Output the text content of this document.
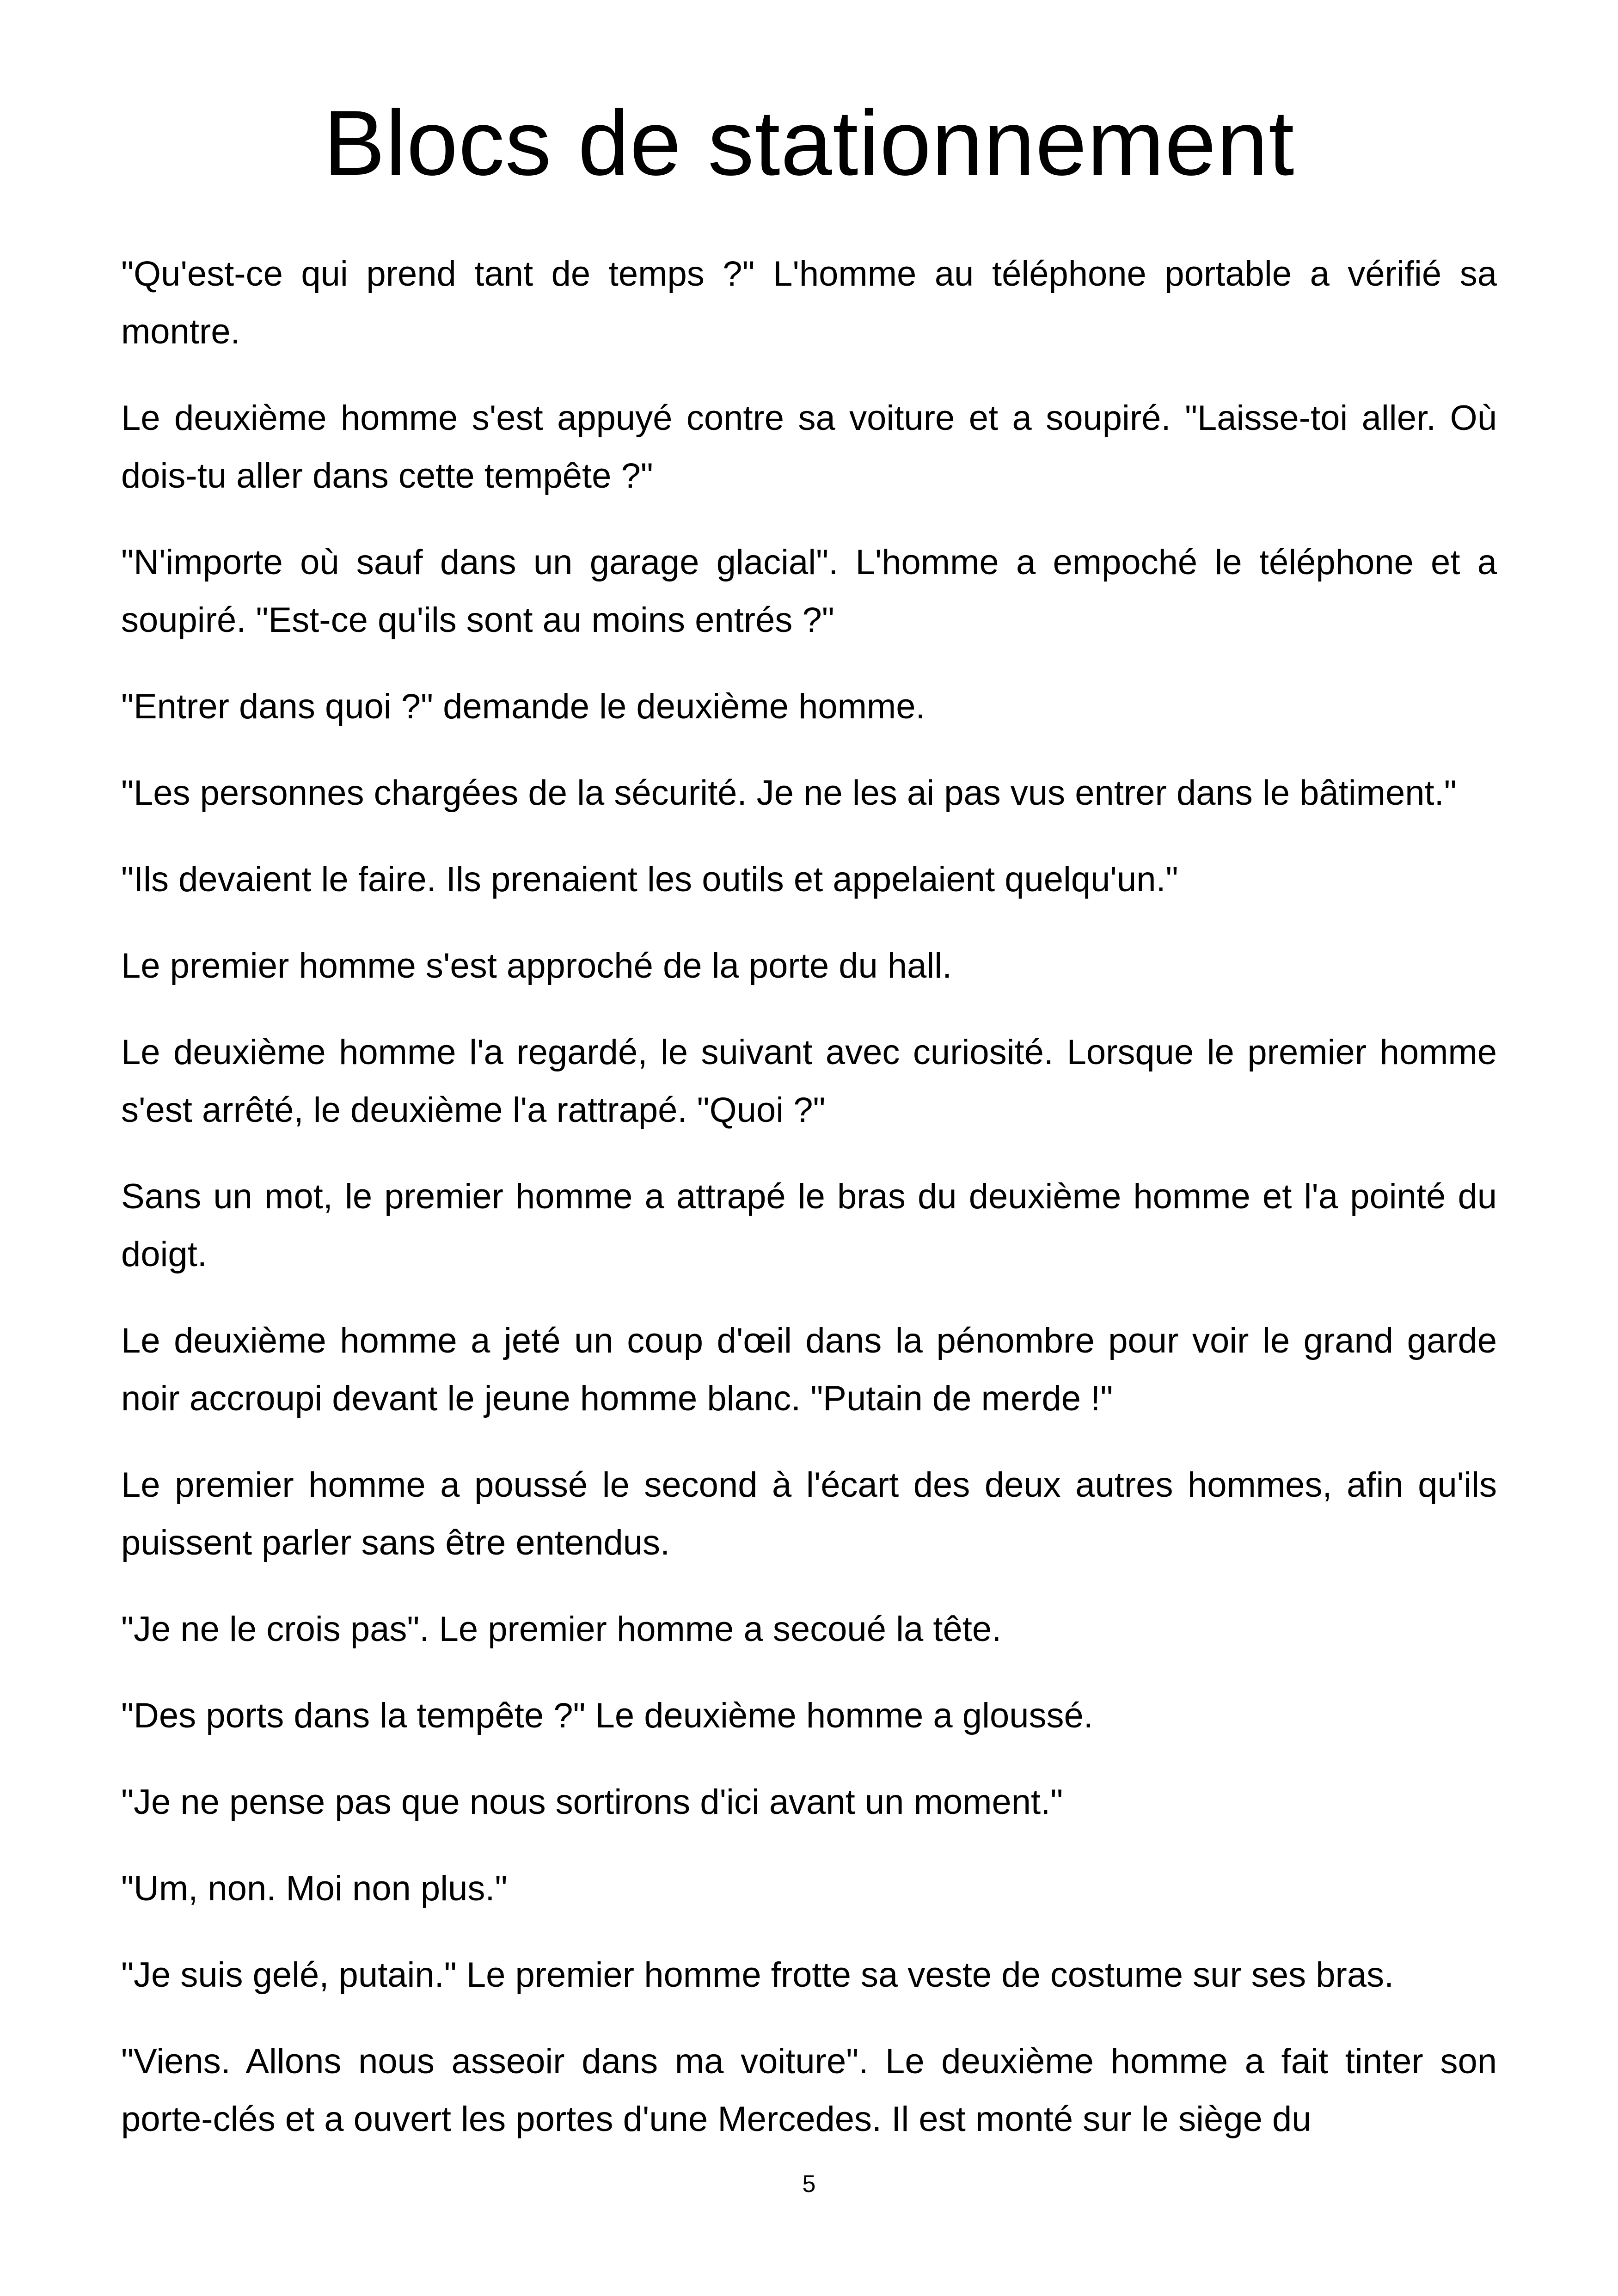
Blocs de stationnement

"Qu'est-ce qui prend tant de temps ?" L'homme au téléphone portable a vérifié sa montre.

Le deuxième homme s'est appuyé contre sa voiture et a soupiré. "Laisse-toi aller. Où dois-tu aller dans cette tempête ?"

"N'importe où sauf dans un garage glacial". L'homme a empoché le téléphone et a soupiré. "Est-ce qu'ils sont au moins entrés ?"

"Entrer dans quoi ?" demande le deuxième homme.

"Les personnes chargées de la sécurité. Je ne les ai pas vus entrer dans le bâtiment."

"Ils devaient le faire. Ils prenaient les outils et appelaient quelqu'un."

Le premier homme s'est approché de la porte du hall.

Le deuxième homme l'a regardé, le suivant avec curiosité. Lorsque le premier homme s'est arrêté, le deuxième l'a rattrapé. "Quoi ?"

Sans un mot, le premier homme a attrapé le bras du deuxième homme et l'a pointé du doigt.

Le deuxième homme a jeté un coup d'œil dans la pénombre pour voir le grand garde noir accroupi devant le jeune homme blanc. "Putain de merde !"

Le premier homme a poussé le second à l'écart des deux autres hommes, afin qu'ils puissent parler sans être entendus.

"Je ne le crois pas". Le premier homme a secoué la tête.

"Des ports dans la tempête ?" Le deuxième homme a gloussé.

"Je ne pense pas que nous sortirons d'ici avant un moment."

"Um, non. Moi non plus."

"Je suis gelé, putain." Le premier homme frotte sa veste de costume sur ses bras.

"Viens. Allons nous asseoir dans ma voiture". Le deuxième homme a fait tinter son porte-clés et a ouvert les portes d'une Mercedes. Il est monté sur le siège du

5
